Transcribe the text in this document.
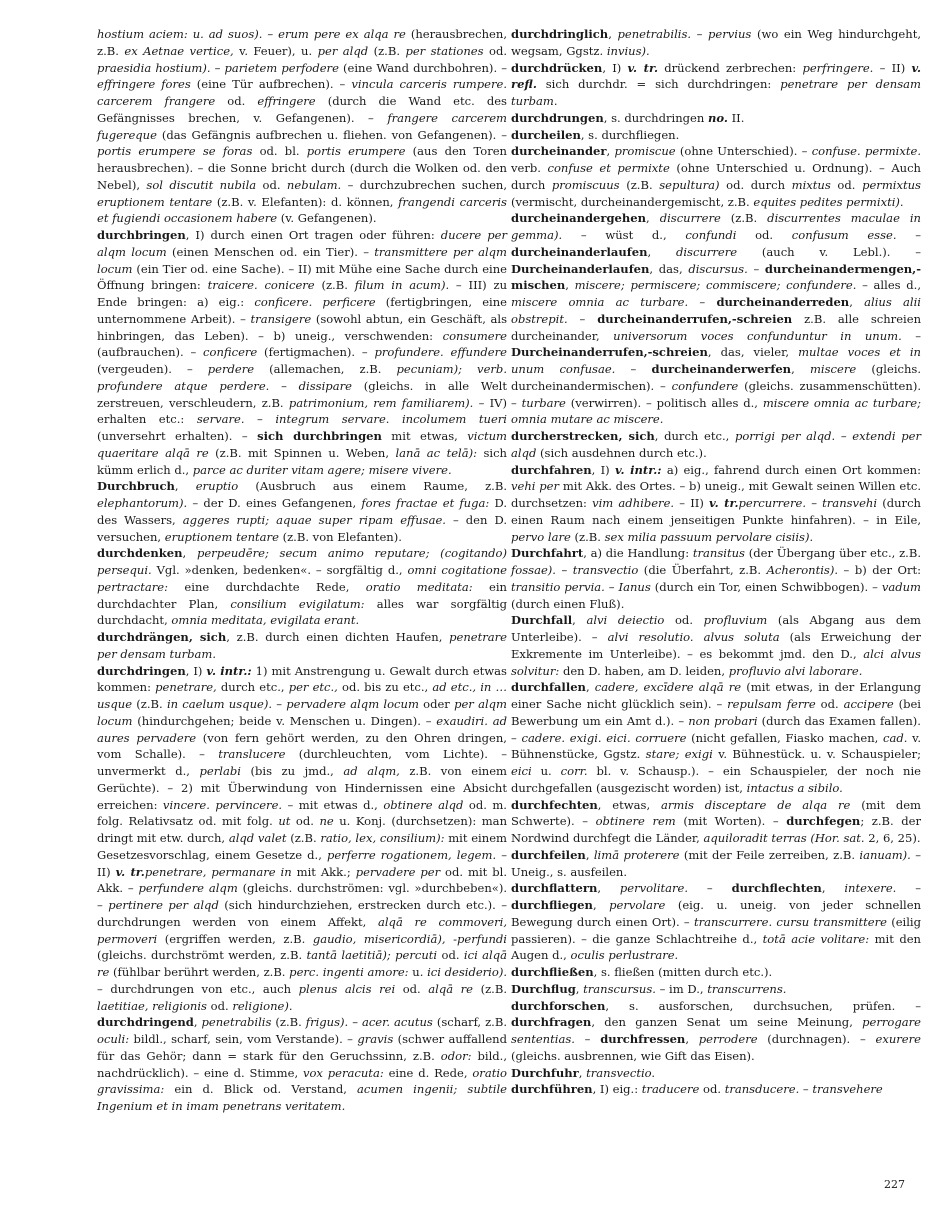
hostium aciem: u. ad suos). – erum pere ex alqa re (herausbrechen, z.B. ex Aetnae vertice, v. Feuer), u. per alqd (z.B. per stationes od. praesidia hostium). – parietem perfodere (eine Wand durchbohren). – effringere fores (eine Tür aufbrechen). – vincula carceris rumpere. carcerem frangere od. effringere (durch die Wand etc. des Gefängnisses brechen, v. Gefangenen). – frangere carcerem fugereque (das Gefängnis aufbrechen u. fliehen. von Gefangenen). – portis erumpere se foras od. bl. portis erumpere (aus den Toren herausbrechen). – die Sonne bricht durch (durch die Wolken od. den Nebel), sol discutit nubila od. nebulam. – durchzubrechen suchen, eruptionem tentare (z.B. v. Elefanten): d. können, frangendi carceris et fugiendi occasionem habere (v. Gefangenen).

durchbringen, I) durch einen Ort tragen oder führen: ducere per alqm locum (einen Menschen od. ein Tier). – transmittere per alqm locum (ein Tier od. eine Sache). – II) mit Mühe eine Sache durch eine Öffnung bringen: traicere. conicere (z.B. filum in acum). – III) zu Ende bringen: a) eig.: conficere. perficere (fertigbringen, eine unternommene Arbeit). – transigere (sowohl abtun, ein Geschäft, als hinbringen, das Leben). – b) uneig., verschwenden: consumere (aufbrauchen). – conficere (fertigmachen). – profundere. effundere (vergeuden). – perdere (allemachen, z.B. pecuniam); verb. profundere atque perdere. – dissipare (gleichs. in alle Welt zerstreuen, verschleudern, z.B. patrimonium, rem familiarem). – IV) erhalten etc.: servare. – integrum servare. incolumem tueri (unversehrt erhalten). – sich durchbringen mit etwas, victum quaeritare alqā re (z.B. mit Spinnen u. Weben, lanā ac telā): sich kümm erlich d., parce ac duriter vitam agere; misere vivere.

Durchbruch, eruptio (Ausbruch aus einem Raume, z.B. elephantorum). – der D. eines Gefangenen, fores fractae et fuga: D. des Wassers, aggeres rupti; aquae super ripam effusae. – den D. versuchen, eruptionem tentare (z.B. von Elefanten).

durchdenken, perpeudēre; secum animo reputare; (cogitando) persequi. Vgl. »denken, bedenken«. – sorgfältig d., omni cogitatione pertractare: eine durchdachte Rede, oratio meditata: ein durchdachter Plan, consilium evigilatum: alles war sorgfältig durchdacht, omnia meditata, evigilata erant.

durchdrängen, sich, z.B. durch einen dichten Haufen, penetrare per densam turbam.

durchdringen, I) v. intr.: 1) mit Anstrengung u. Gewalt durch etwas kommen: penetrare, durch etc., per etc., od. bis zu etc., ad etc., in … usque (z.B. in caelum usque). – pervadere alqm locum oder per alqm locum (hindurchgehen; beide v. Menschen u. Dingen). – exaudiri. ad aures pervadere (von fern gehört werden, zu den Ohren dringen, vom Schalle). – translucere (durchleuchten, vom Lichte). – unvermerkt d., perlabi (bis zu jmd., ad alqm, z.B. von einem Gerüchte). – 2) mit Überwindung von Hindernissen eine Absicht erreichen: vincere. pervincere. – mit etwas d., obtinere alqd od. m. folg. Relativsatz od. mit folg. ut od. ne u. Konj. (durchsetzen): man dringt mit etw. durch, alqd valet (z.B. ratio, lex, consilium): mit einem Gesetzesvorschlag, einem Gesetze d., perferre rogationem, legem. – II) v. tr.penetrare, permanare in mit Akk.; pervadere per od. mit bl. Akk. – perfundere alqm (gleichs. durchströmen: vgl. »durchbeben«). – pertinere per alqd (sich hindurchziehen, erstrecken durch etc.). – durchdrungen werden von einem Affekt, alqā re commoveri, permoveri (ergriffen werden, z.B. gaudio, misericordiā), -perfundi (gleichs. durchströmt werden, z.B. tantā laetitiā); percuti od. ici alqā re (fühlbar berührt werden, z.B. perc. ingenti amore: u. ici desiderio). – durchdrungen von etc., auch plenus alcis rei od. alqā re (z.B. laetitiae, religionis od. religione).

durchdringend, penetrabilis (z.B. frigus). – acer. acutus (scharf, z.B. oculi: bildl., scharf, sein, vom Verstande). – gravis (schwer auffallend für das Gehör; dann = stark für den Geruchssinn, z.B. odor: bild., nachdrücklich). – eine d. Stimme, vox peracuta: eine d. Rede, oratio gravissima: ein d. Blick od. Verstand, acumen ingenii; subtile Ingenium et in imam penetrans veritatem.

durchdringlich, penetrabilis. – pervius (wo ein Weg hindurchgeht, wegsam, Ggstz. invius).

durchdrücken, I) v. tr. drückend zerbrechen: perfringere. – II) v. refl. sich durchdr. = sich durchdringen: penetrare per densam turbam.

durchdrungen, s. durchdringen no. II.

durcheilen, s. durchfliegen.

durcheinander, promiscue (ohne Unterschied). – confuse. permixte. verb. confuse et permixte (ohne Unterschied u. Ordnung). – Auch durch promiscuus (z.B. sepultura) od. durch mixtus od. permixtus (vermischt, durcheinandergemischt, z.B. equites pedites permixti).

durcheinandergehen, discurrere (z.B. discurrentes maculae in gemma). – wüst d., confundi od. confusum esse. – durcheinanderlaufen, discurrere (auch v. Lebl.). – Durcheinanderlaufen, das, discursus. – durcheinandermengen,-mischen, miscere; permiscere; commiscere; confundere. – alles d., miscere omnia ac turbare. – durcheinanderreden, alius alii obstrepit. – durcheinanderrufen,-schreien z.B. alle schreien durcheinander, universorum voces confunduntur in unum. – Durcheinanderrufen,-schreien, das, vieler, multae voces et in unum confusae. – durcheinanderwerfen, miscere (gleichs. durcheinandermischen). – confundere (gleichs. zusammenschütten). – turbare (verwirren). – politisch alles d., miscere omnia ac turbare; omnia mutare ac miscere.

durcherstrecken, sich, durch etc., porrigi per alqd. – extendi per alqd (sich ausdehnen durch etc.).

durchfahren, I) v. intr.: a) eig., fahrend durch einen Ort kommen: vehi per mit Akk. des Ortes. – b) uneig., mit Gewalt seinen Willen etc. durchsetzen: vim adhibere. – II) v. tr.percurrere. – transvehi (durch einen Raum nach einem jenseitigen Punkte hinfahren). – in Eile, pervo lare (z.B. sex milia passuum pervolare cisiis).

Durchfahrt, a) die Handlung: transitus (der Übergang über etc., z.B. fossae). – transvectio (die Überfahrt, z.B. Acherontis). – b) der Ort: transitio pervia. – Ianus (durch ein Tor, einen Schwibbogen). – vadum (durch einen Fluß).

Durchfall, alvi deiectio od. profluvium (als Abgang aus dem Unterleibe). – alvi resolutio. alvus soluta (als Erweichung der Exkremente im Unterleibe). – es bekommt jmd. den D., alci alvus solvitur: den D. haben, am D. leiden, profluvio alvi laborare.

durchfallen, cadere, excīdere alqā re (mit etwas, in der Erlangung einer Sache nicht glücklich sein). – repulsam ferre od. accipere (bei Bewerbung um ein Amt d.). – non probari (durch das Examen fallen). – cadere. exigi. eici. corruere (nicht gefallen, Fiasko machen, cad. v. Bühnenstücke, Ggstz. stare; exigi v. Bühnestück. u. v. Schauspieler; eici u. corr. bl. v. Schausp.). – ein Schauspieler, der noch nie durchgefallen (ausgezischt worden) ist, intactus a sibilo.

durchfechten, etwas, armis disceptare de alqa re (mit dem Schwerte). – obtinere rem (mit Worten). – durchfegen; z.B. der Nordwind durchfegt die Länder, aquiloradit terras (Hor. sat. 2, 6, 25).

durchfeilen, limā proterere (mit der Feile zerreiben, z.B. ianuam). – Uneig., s. ausfeilen.

durchflattern, pervolitare. – durchflechten, intexere. – durchfliegen, pervolare (eig. u. uneig. von jeder schnellen Bewegung durch einen Ort). – transcurrere. cursu transmittere (eilig passieren). – die ganze Schlachtreihe d., totā acie volitare: mit den Augen d., oculis perlustrare.

durchfließen, s. fließen (mitten durch etc.).

Durchflug, transcursus. – im D., transcurrens.

durchforschen, s. ausforschen, durchsuchen, prüfen. – durchfragen, den ganzen Senat um seine Meinung, perrogare sententias. – durchfressen, perrodere (durchnagen). – exurere (gleichs. ausbrennen, wie Gift das Eisen).

Durchfuhr, transvectio.

durchführen, I) eig.: traducere od. transducere. – transvehere

227
